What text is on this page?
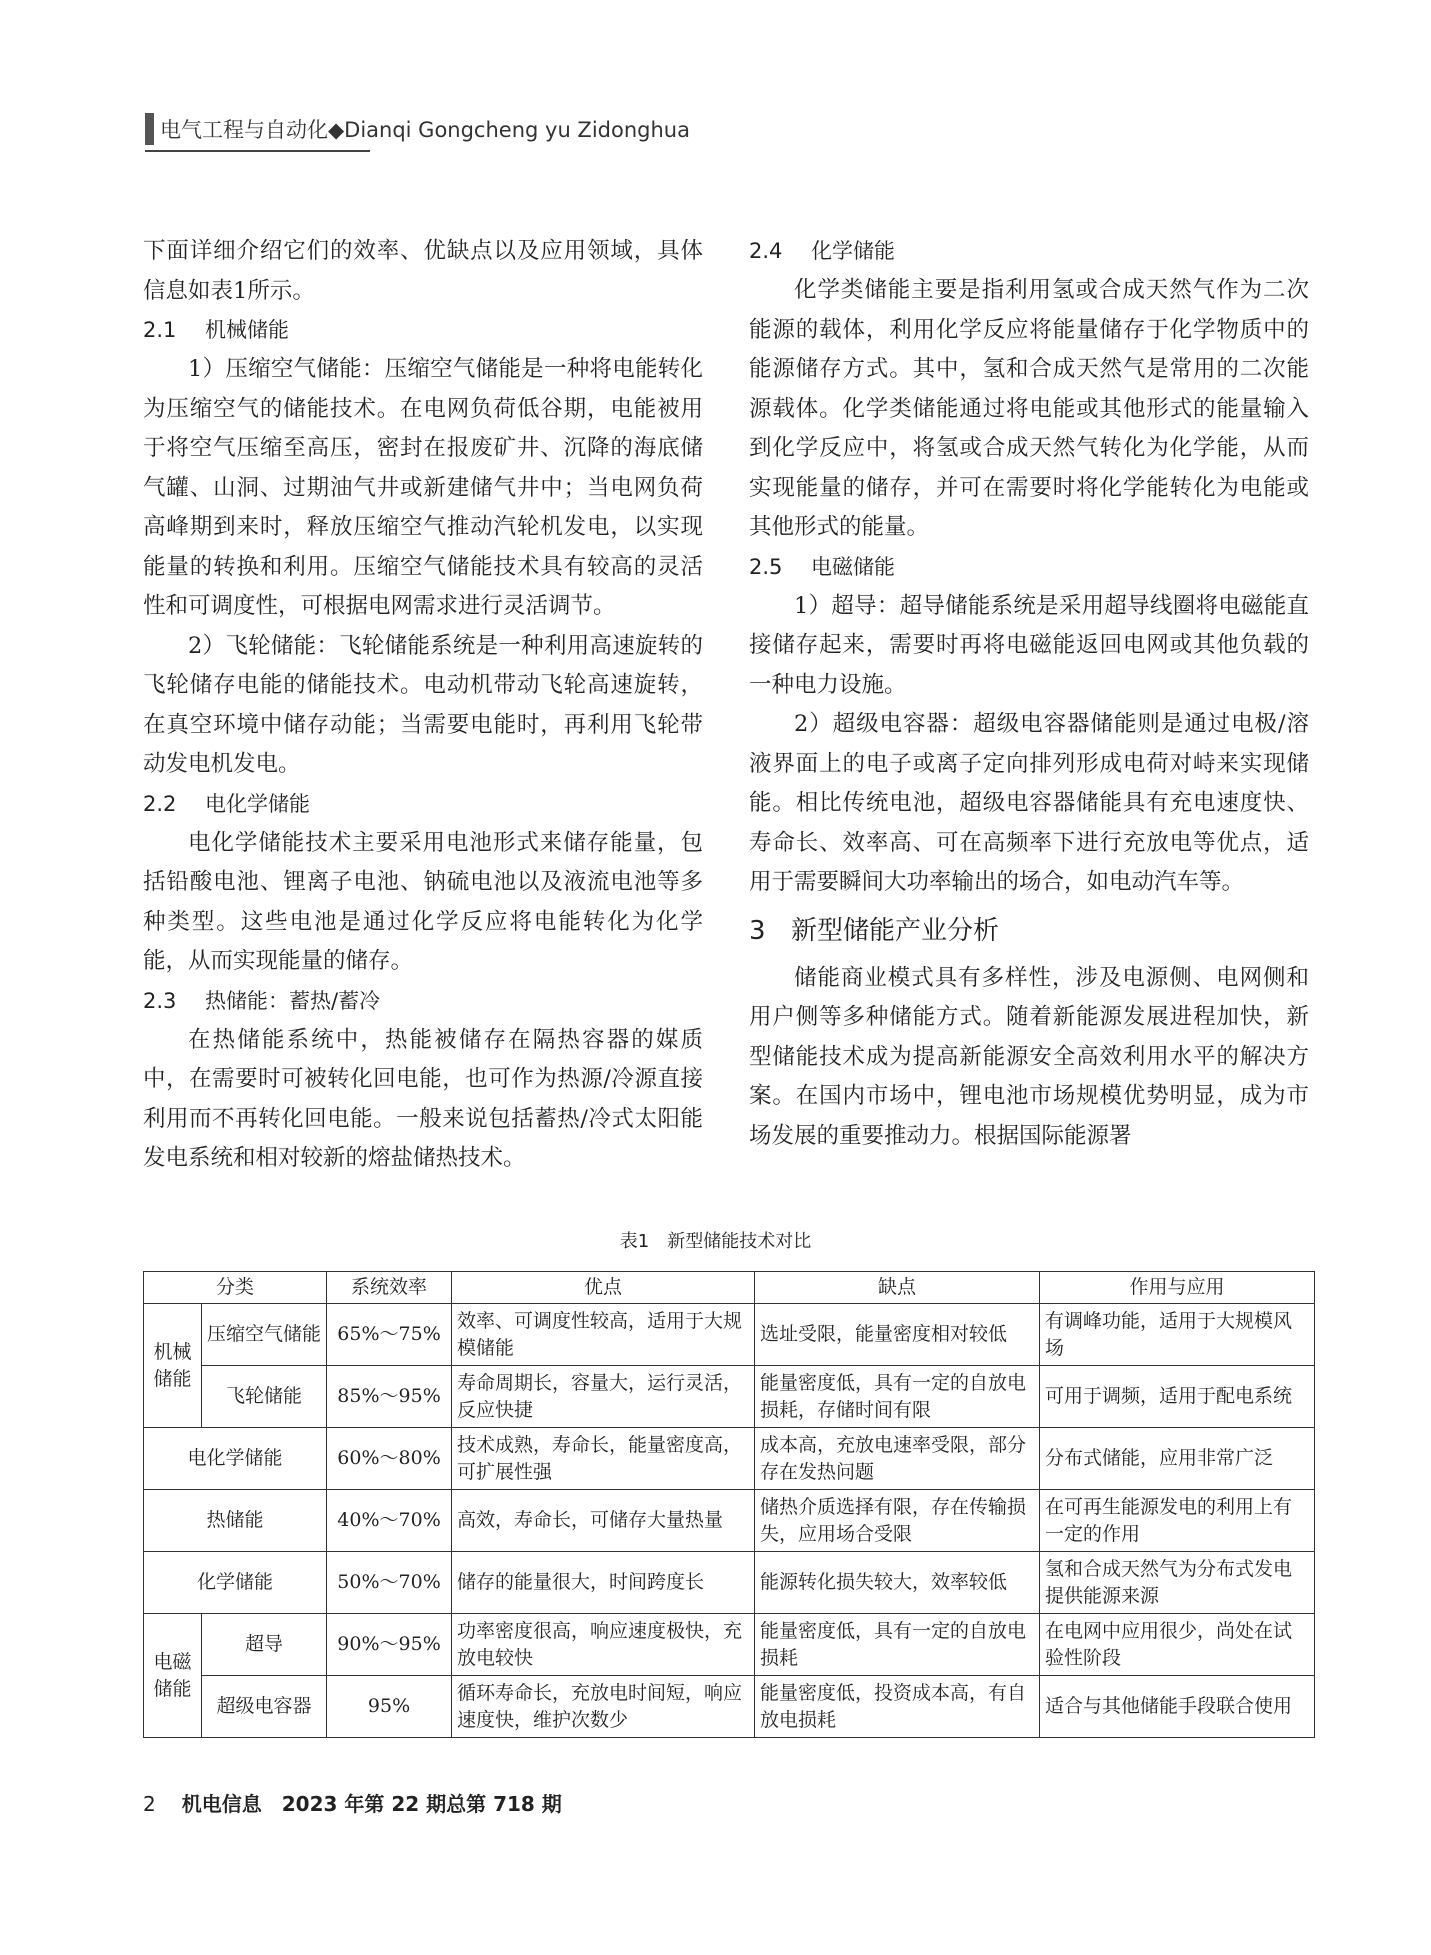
电气工程与自动化◆Dianqi Gongcheng yu Zidonghua

下面详细介绍它们的效率、优缺点以及应用领域，具体信息如表1所示。

2.1 机械储能

1）压缩空气储能：压缩空气储能是一种将电能转化为压缩空气的储能技术。在电网负荷低谷期，电能被用于将空气压缩至高压，密封在报废矿井、沉降的海底储气罐、山洞、过期油气井或新建储气井中；当电网负荷高峰期到来时，释放压缩空气推动汽轮机发电，以实现能量的转换和利用。压缩空气储能技术具有较高的灵活性和可调度性，可根据电网需求进行灵活调节。

2）飞轮储能：飞轮储能系统是一种利用高速旋转的飞轮储存电能的储能技术。电动机带动飞轮高速旋转，在真空环境中储存动能；当需要电能时，再利用飞轮带动发电机发电。

2.2 电化学储能

电化学储能技术主要采用电池形式来储存能量，包括铅酸电池、锂离子电池、钠硫电池以及液流电池等多种类型。这些电池是通过化学反应将电能转化为化学能，从而实现能量的储存。

2.3 热储能：蓄热/蓄冷

在热储能系统中，热能被储存在隔热容器的媒质中，在需要时可被转化回电能，也可作为热源/冷源直接利用而不再转化回电能。一般来说包括蓄热/冷式太阳能发电系统和相对较新的熔盐储热技术。

2.4 化学储能

化学类储能主要是指利用氢或合成天然气作为二次能源的载体，利用化学反应将能量储存于化学物质中的能源储存方式。其中，氢和合成天然气是常用的二次能源载体。化学类储能通过将电能或其他形式的能量输入到化学反应中，将氢或合成天然气转化为化学能，从而实现能量的储存，并可在需要时将化学能转化为电能或其他形式的能量。

2.5 电磁储能

1）超导：超导储能系统是采用超导线圈将电磁能直接储存起来，需要时再将电磁能返回电网或其他负载的一种电力设施。

2）超级电容器：超级电容器储能则是通过电极/溶液界面上的电子或离子定向排列形成电荷对峙来实现储能。相比传统电池，超级电容器储能具有充电速度快、寿命长、效率高、可在高频率下进行充放电等优点，适用于需要瞬间大功率输出的场合，如电动汽车等。

3 新型储能产业分析

储能商业模式具有多样性，涉及电源侧、电网侧和用户侧等多种储能方式。随着新能源发展进程加快，新型储能技术成为提高新能源安全高效利用水平的解决方案。在国内市场中，锂电池市场规模优势明显，成为市场发展的重要推动力。根据国际能源署

表1　新型储能技术对比
分类		系统效率	优点	缺点	作用与应用
机械储能	压缩空气储能	65%～75%	效率、可调度性较高，适用于大规模储能	选址受限，能量密度相对较低	有调峰功能，适用于大规模风场
	飞轮储能	85%～95%	寿命周期长，容量大，运行灵活，反应快捷	能量密度低，具有一定的自放电损耗，存储时间有限	可用于调频，适用于配电系统
电化学储能		60%～80%	技术成熟，寿命长，能量密度高，可扩展性强	成本高，充放电速率受限，部分存在发热问题	分布式储能，应用非常广泛
热储能		40%～70%	高效，寿命长，可储存大量热量	储热介质选择有限，存在传输损失，应用场合受限	在可再生能源发电的利用上有一定的作用
化学储能		50%～70%	储存的能量很大，时间跨度长	能源转化损失较大，效率较低	氢和合成天然气为分布式发电提供能源来源
电磁储能	超导	90%～95%	功率密度很高，响应速度极快，充放电较快	能量密度低，具有一定的自放电损耗	在电网中应用很少，尚处在试验性阶段
	超级电容器	95%	循环寿命长，充放电时间短，响应速度快，维护次数少	能量密度低，投资成本高，有自放电损耗	适合与其他储能手段联合使用
2 机电信息　2023 年第 22 期总第 718 期
